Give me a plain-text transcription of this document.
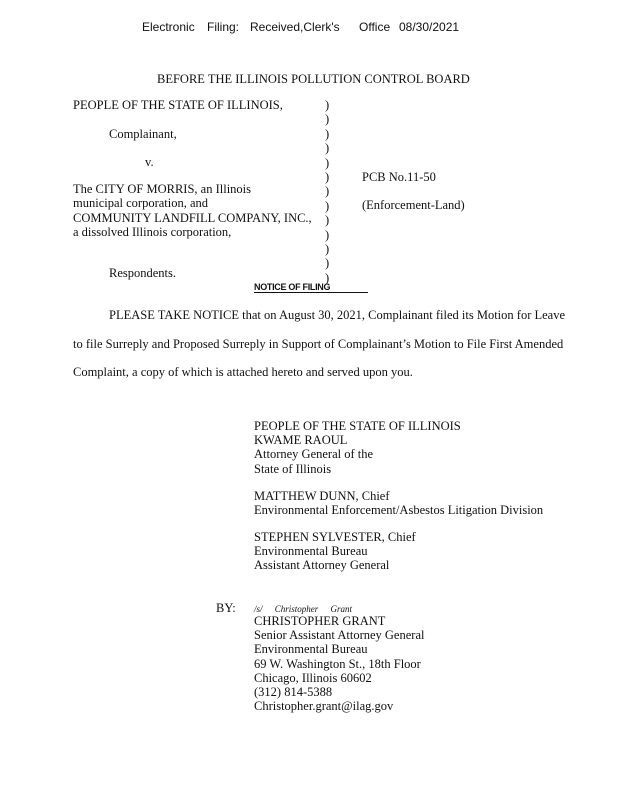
Electronic Filing: Received,Clerk's Office 08/30/2021
BEFORE THE ILLINOIS POLLUTION CONTROL BOARD
PEOPLE OF THE STATE OF ILLINOIS,
Complainant,
v.
The CITY OF MORRIS, an Illinois
municipal corporation, and
COMMUNITY LANDFILL COMPANY, INC.,
a dissolved Illinois corporation,
Respondents.
)
)
)
)
)
)
)
)
)
)
)
)
)
PCB No.11-50
(Enforcement-Land)
NOTICE OF FILING
PLEASE TAKE NOTICE that on August 30, 2021, Complainant filed its Motion for Leave
to file Surreply and Proposed Surreply in Support of Complainant’s Motion to File First Amended
Complaint, a copy of which is attached hereto and served upon you.
PEOPLE OF THE STATE OF ILLINOIS
KWAME RAOUL
Attorney General of the
State of Illinois
MATTHEW DUNN, Chief
Environmental Enforcement/Asbestos Litigation Division
STEPHEN SYLVESTER, Chief
Environmental Bureau
Assistant Attorney General
BY: /s/ Christopher Grant
CHRISTOPHER GRANT
Senior Assistant Attorney General
Environmental Bureau
69 W. Washington St., 18th Floor
Chicago, Illinois 60602
(312) 814-5388
Christopher.grant@ilag.gov
